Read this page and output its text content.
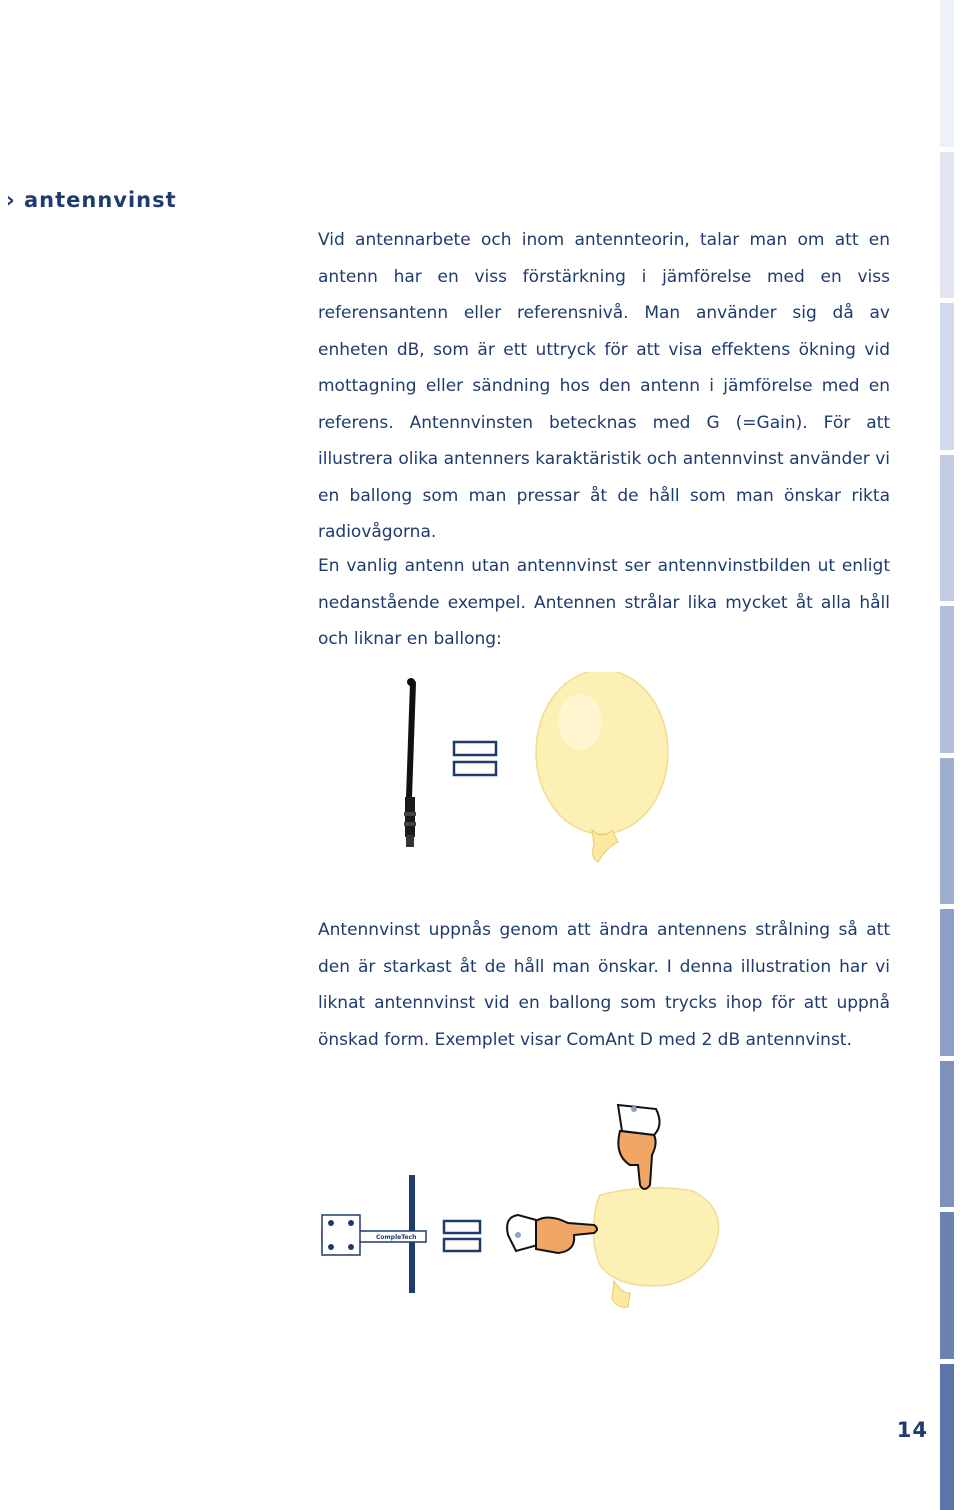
› antennvinst

Vid antennarbete och inom antennteorin, talar man om att en antenn har en viss förstärkning i jämförelse med en viss referensantenn eller referensnivå. Man använder sig då av enheten dB, som är ett uttryck för att visa effektens ökning vid mottagning eller sändning hos den antenn i jämförelse med en referens. Antennvinsten betecknas med G (=Gain). För att illustrera olika antenners karaktäristik och antennvinst använder vi en ballong som man pressar åt de håll som man önskar rikta radiovågorna.

En vanlig antenn utan antennvinst ser antennvinstbilden ut enligt nedanstående exempel. Antennen strålar lika mycket åt alla håll och liknar en ballong:

Antennvinst uppnås genom att ändra antennens strålning så att den är starkast åt de håll man önskar. I denna illustration har vi liknat antennvinst vid en ballong som trycks ihop för att uppnå önskad form. Exemplet visar ComAnt D med 2 dB antennvinst.

CompleTech
14
